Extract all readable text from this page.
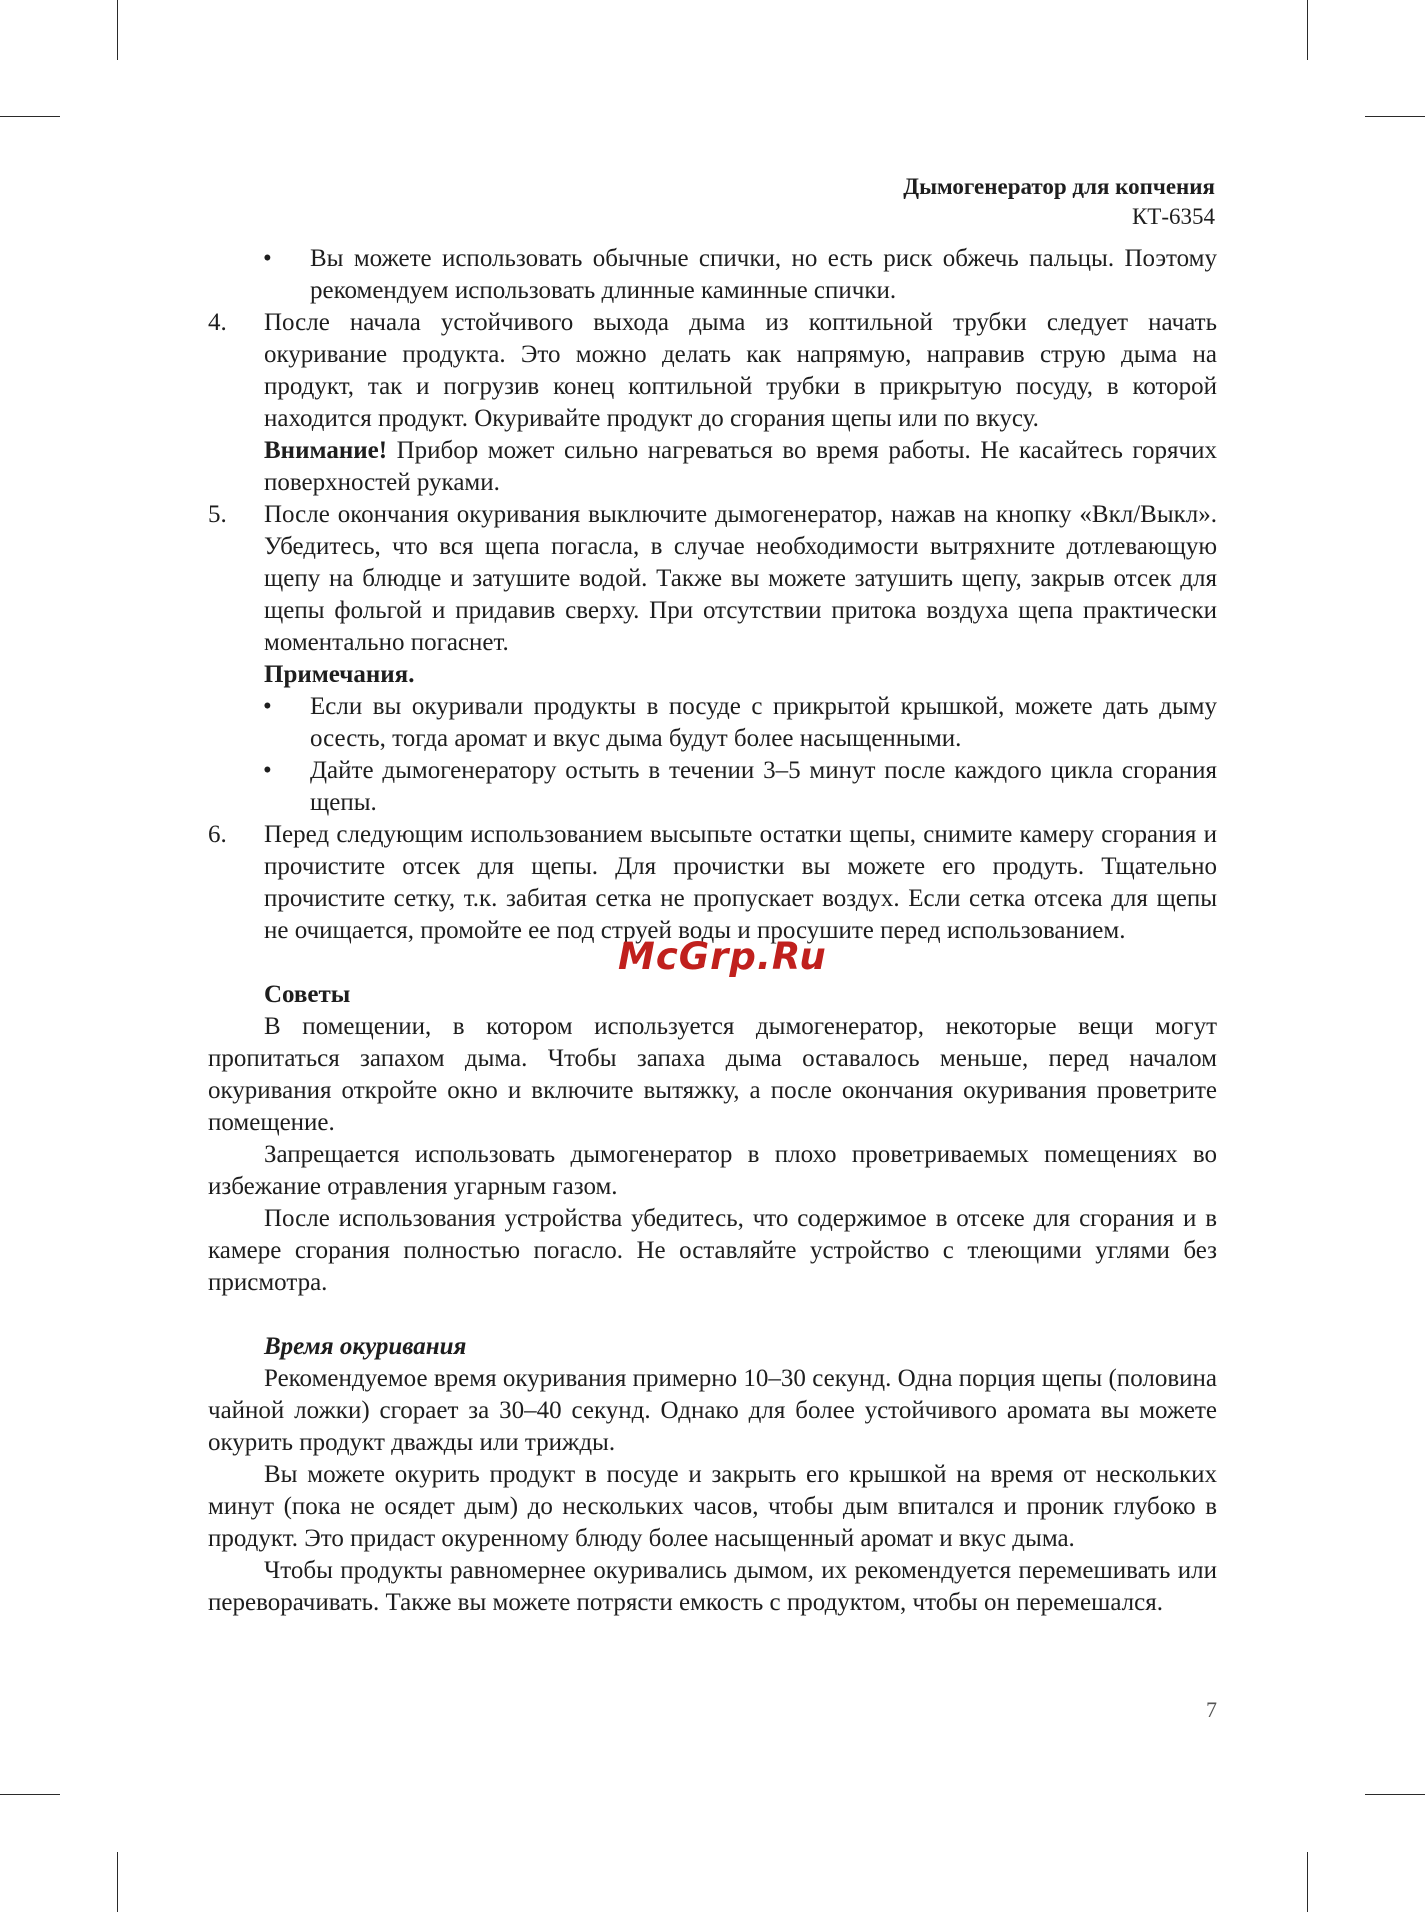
Дымогенератор для копчения
КТ-6354

• Вы можете использовать обычные спички, но есть риск обжечь пальцы. Поэтому рекомендуем использовать длинные каминные спички.

4. После начала устойчивого выхода дыма из коптильной трубки следует начать окуривание продукта. Это можно делать как напрямую, направив струю дыма на продукт, так и погрузив конец коптильной трубки в прикрытую посуду, в которой находится продукт. Окуривайте продукт до сгорания щепы или по вкусу.

Внимание! Прибор может сильно нагреваться во время работы. Не касайтесь горячих поверхностей руками.

5. После окончания окуривания выключите дымогенератор, нажав на кнопку «Вкл/Выкл». Убедитесь, что вся щепа погасла, в случае необходимости вытряхните дотлевающую щепу на блюдце и затушите водой. Также вы можете затушить щепу, закрыв отсек для щепы фольгой и придавив сверху. При отсутствии притока воздуха щепа практически моментально погаснет.

Примечания.

• Если вы окуривали продукты в посуде с прикрытой крышкой, можете дать дыму осесть, тогда аромат и вкус дыма будут более насыщенными.

• Дайте дымогенератору остыть в течении 3–5 минут после каждого цикла сгорания щепы.

6. Перед следующим использованием высыпьте остатки щепы, снимите камеру сгорания и прочистите отсек для щепы. Для прочистки вы можете его продуть. Тщательно прочистите сетку, т.к. забитая сетка не пропускает воздух. Если сетка отсека для щепы не очищается, промойте ее под струей воды и просушите перед использованием.

Советы

В помещении, в котором используется дымогенератор, некоторые вещи могут пропитаться запахом дыма. Чтобы запаха дыма оставалось меньше, перед началом окуривания откройте окно и включите вытяжку, а после окончания окуривания проветрите помещение.

Запрещается использовать дымогенератор в плохо проветриваемых помещениях во избежание отравления угарным газом.

После использования устройства убедитесь, что содержимое в отсеке для сгорания и в камере сгорания полностью погасло. Не оставляйте устройство с тлеющими углями без присмотра.

Время окуривания

Рекомендуемое время окуривания примерно 10–30 секунд. Одна порция щепы (половина чайной ложки) сгорает за 30–40 секунд. Однако для более устойчивого аромата вы можете окурить продукт дважды или трижды.

Вы можете окурить продукт в посуде и закрыть его крышкой на время от нескольких минут (пока не осядет дым) до нескольких часов, чтобы дым впитался и проник глубоко в продукт. Это придаст окуренному блюду более насыщенный аромат и вкус дыма.

Чтобы продукты равномернее окуривались дымом, их рекомендуется перемешивать или переворачивать. Также вы можете потрясти емкость с продуктом, чтобы он перемешался.

McGrp.Ru
7
